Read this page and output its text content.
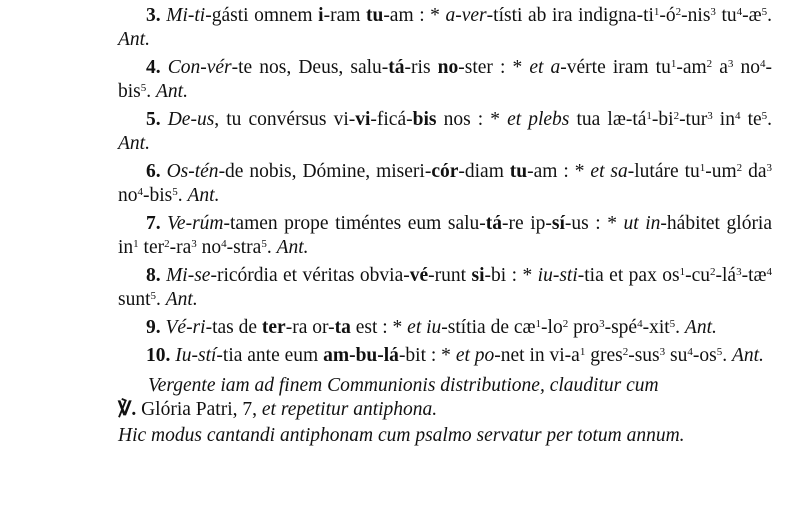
3. Mi-ti-gásti omnem i-ram tu-am : * a-ver-tísti ab ira indigna-$ti^1-ó^2-nis^3$ $tu^4-æ^5$. Ant.

4. Con-vér-te nos, Deus, salu-tá-ris no-ster : * et a-vérte iram $tu^1-am^2$ $a^3$ $no^4-bis^5$. Ant.

5. De-us, tu convérsus vi-vi-ficá-bis nos : * et plebs tua $læ-tá^1-bi^2-tur^3$ $in^4$ $te^5$. Ant.

6. Os-tén-de nobis, Dómine, miseri-cór-diam tu-am : * et sa-lutáre $tu^1-um^2$ $da^3$ $no^4-bis^5$. Ant.

7. Ve-rúm-tamen prope timéntes eum salu-tá-re ip-sí-us : * ut in-hábitet glória $in^1$ $ter^2-ra^3$ $no^4-stra^5$. Ant.

8. Mi-se-ricórdia et véritas obvia-vé-runt si-bi : * iu-sti-tia et pax $os^1-cu^2-lá^3-tæ^4$ sunt$^5$. Ant.

9. Vé-ri-tas de ter-ra or-ta est : * et iu-stítia de $cæ^1-lo^2$ pro$^3$-spé$^4$-xit$^5$. Ant.

10. Iu-stí-tia ante eum am-bu-lá-bit : * et po-net in $vi-a^1$ gres$^2$-sus$^3$ $su^4-os^5$. Ant.

Vergente iam ad finem Communionis distributione, clauditur cum
℣. Glória Patri, 7, et repetitur antiphona.

Hic modus cantandi antiphonam cum psalmo servatur per totum annum.
